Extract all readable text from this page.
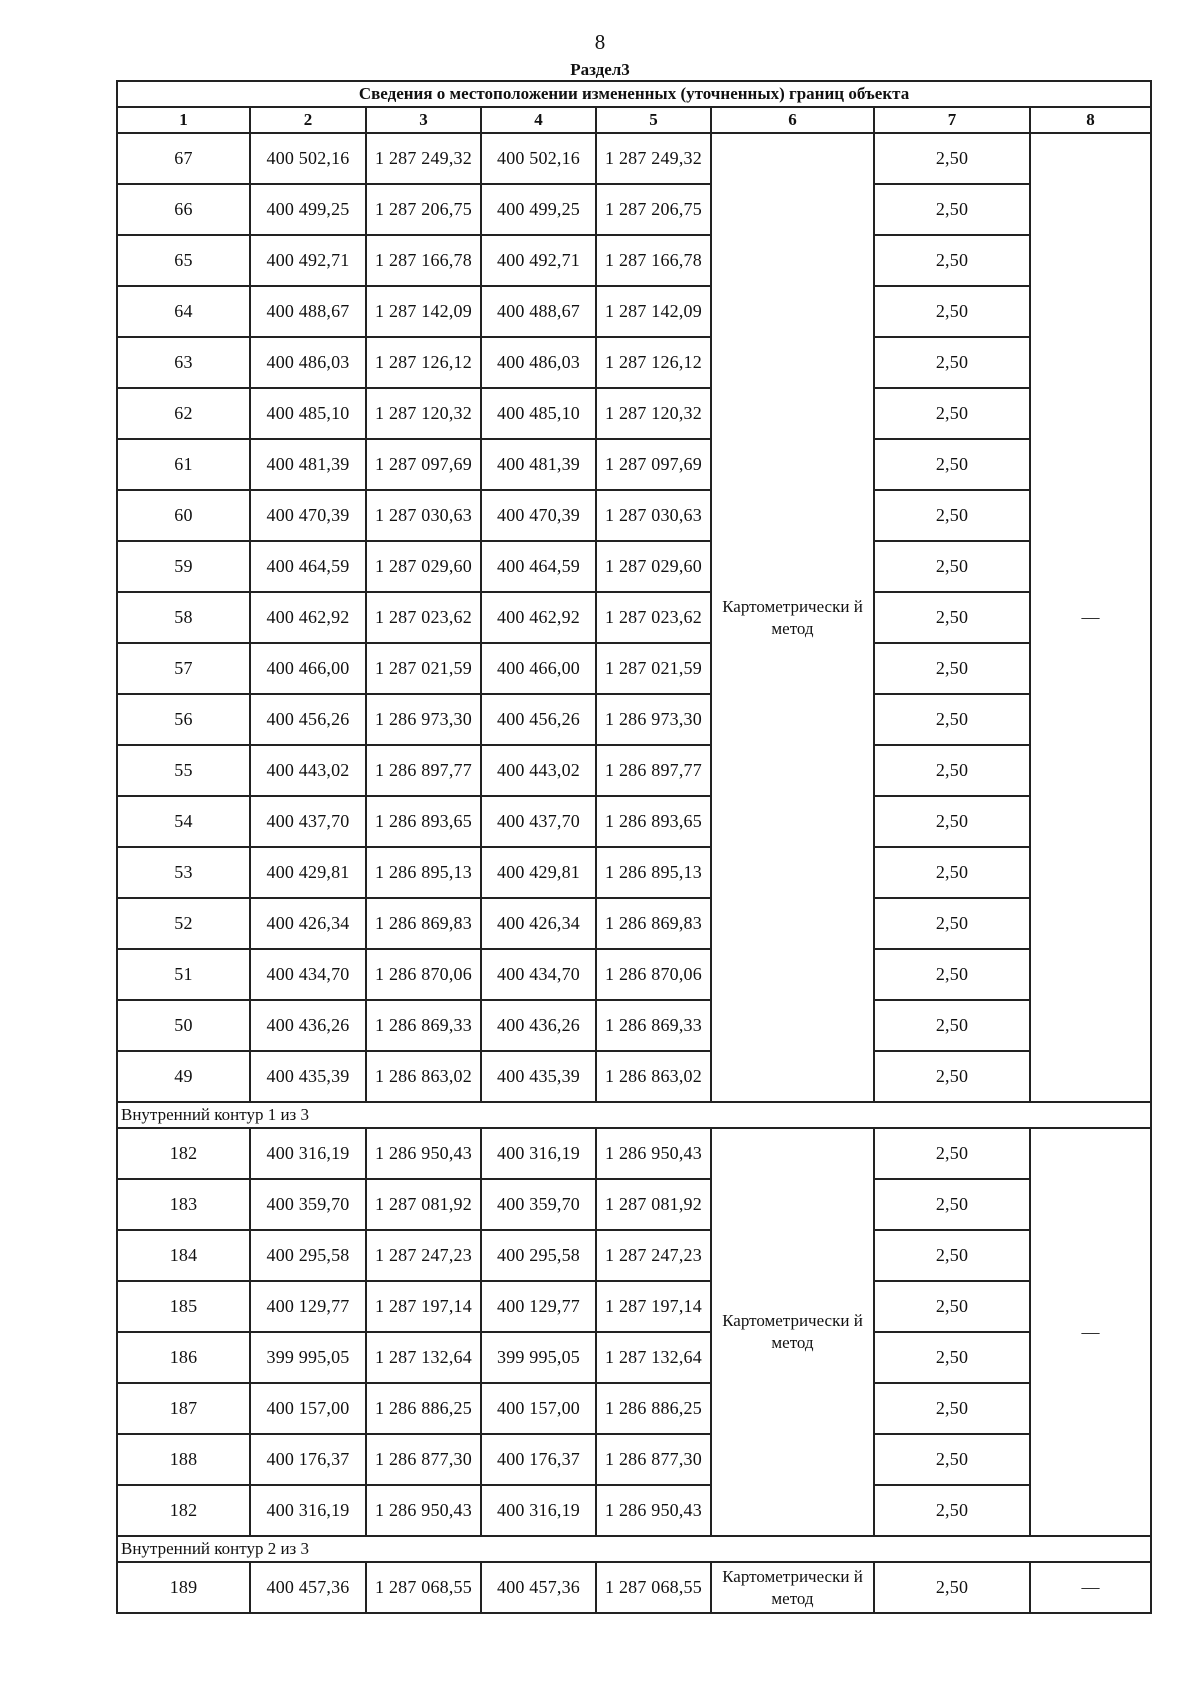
8
Раздел3
Сведения о местоположении измененных (уточненных) границ объекта							
1	2	3	4	5	6	7	8
67	400 502,16	1 287 249,32	400 502,16	1 287 249,32	Картометрически й метод	2,50	—
66	400 499,25	1 287 206,75	400 499,25	1 287 206,75		2,50	
65	400 492,71	1 287 166,78	400 492,71	1 287 166,78		2,50	
64	400 488,67	1 287 142,09	400 488,67	1 287 142,09		2,50	
63	400 486,03	1 287 126,12	400 486,03	1 287 126,12		2,50	
62	400 485,10	1 287 120,32	400 485,10	1 287 120,32		2,50	
61	400 481,39	1 287 097,69	400 481,39	1 287 097,69		2,50	
60	400 470,39	1 287 030,63	400 470,39	1 287 030,63		2,50	
59	400 464,59	1 287 029,60	400 464,59	1 287 029,60		2,50	
58	400 462,92	1 287 023,62	400 462,92	1 287 023,62		2,50	
57	400 466,00	1 287 021,59	400 466,00	1 287 021,59		2,50	
56	400 456,26	1 286 973,30	400 456,26	1 286 973,30		2,50	
55	400 443,02	1 286 897,77	400 443,02	1 286 897,77		2,50	
54	400 437,70	1 286 893,65	400 437,70	1 286 893,65		2,50	
53	400 429,81	1 286 895,13	400 429,81	1 286 895,13		2,50	
52	400 426,34	1 286 869,83	400 426,34	1 286 869,83		2,50	
51	400 434,70	1 286 870,06	400 434,70	1 286 870,06		2,50	
50	400 436,26	1 286 869,33	400 436,26	1 286 869,33		2,50	
49	400 435,39	1 286 863,02	400 435,39	1 286 863,02		2,50	
Внутренний контур 1 из 3							
182	400 316,19	1 286 950,43	400 316,19	1 286 950,43	Картометрически й метод	2,50	—
183	400 359,70	1 287 081,92	400 359,70	1 287 081,92		2,50	
184	400 295,58	1 287 247,23	400 295,58	1 287 247,23		2,50	
185	400 129,77	1 287 197,14	400 129,77	1 287 197,14		2,50	
186	399 995,05	1 287 132,64	399 995,05	1 287 132,64		2,50	
187	400 157,00	1 286 886,25	400 157,00	1 286 886,25		2,50	
188	400 176,37	1 286 877,30	400 176,37	1 286 877,30		2,50	
182	400 316,19	1 286 950,43	400 316,19	1 286 950,43		2,50	
Внутренний контур 2 из 3							
189	400 457,36	1 287 068,55	400 457,36	1 287 068,55	Картометрически й метод	2,50	—
